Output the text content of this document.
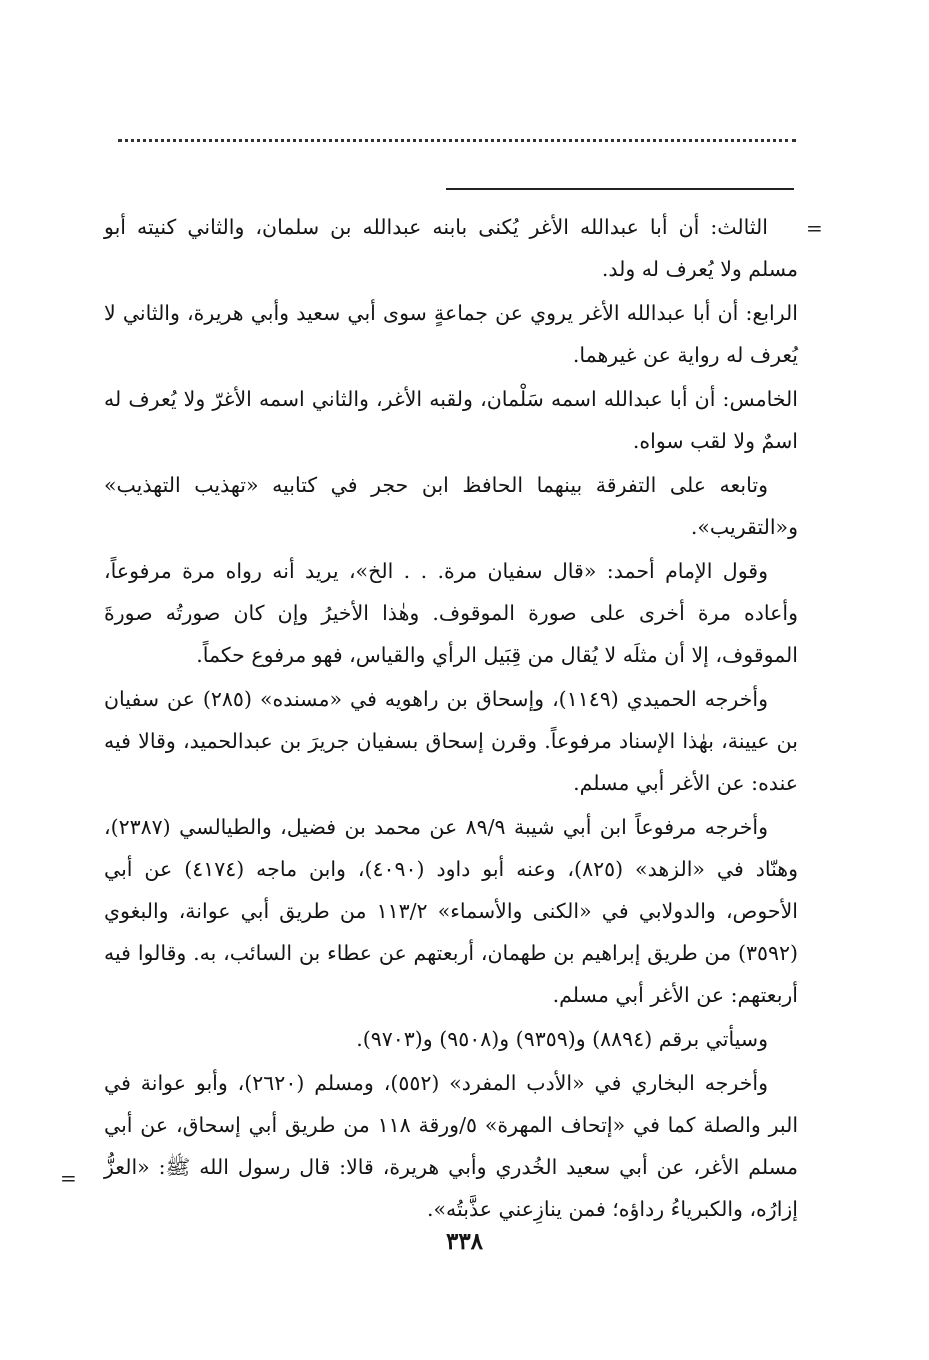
=

الثالث: أن أبا عبدالله الأغر يُكنى بابنه عبدالله بن سلمان، والثاني كنيته أبو مسلم ولا يُعرف له ولد.

الرابع: أن أبا عبدالله الأغر يروي عن جماعةٍ سوى أبي سعيد وأبي هريرة، والثاني لا يُعرف له رواية عن غيرهما.

الخامس: أن أبا عبدالله اسمه سَلْمان، ولقبه الأغر، والثاني اسمه الأغرّ ولا يُعرف له اسمٌ ولا لقب سواه.

وتابعه على التفرقة بينهما الحافظ ابن حجر في كتابيه «تهذيب التهذيب» و«التقريب».

وقول الإمام أحمد: «قال سفيان مرة. . . الخ»، يريد أنه رواه مرة مرفوعاً، وأعاده مرة أخرى على صورة الموقوف. وهٰذا الأخيرُ وإن كان صورتُه صورةَ الموقوف، إلا أن مثلَه لا يُقال من قِبَيل الرأي والقياس، فهو مرفوع حكماً.

وأخرجه الحميدي (١١٤٩)، وإسحاق بن راهويه في «مسنده» (٢٨٥) عن سفيان بن عيينة، بهٰذا الإسناد مرفوعاً. وقرن إسحاق بسفيان جريرَ بن عبدالحميد، وقالا فيه عنده: عن الأغر أبي مسلم.

وأخرجه مرفوعاً ابن أبي شيبة ٨٩/٩ عن محمد بن فضيل، والطيالسي (٢٣٨٧)، وهنّاد في «الزهد» (٨٢٥)، وعنه أبو داود (٤٠٩٠)، وابن ماجه (٤١٧٤) عن أبي الأحوص، والدولابي في «الكنى والأسماء» ١١٣/٢ من طريق أبي عوانة، والبغوي (٣٥٩٢) من طريق إبراهيم بن طهمان، أربعتهم عن عطاء بن السائب، به. وقالوا فيه أربعتهم: عن الأغر أبي مسلم.

وسيأتي برقم (٨٨٩٤) و(٩٣٥٩) و(٩٥٠٨) و(٩٧٠٣).

وأخرجه البخاري في «الأدب المفرد» (٥٥٢)، ومسلم (٢٦٢٠)، وأبو عوانة في البر والصلة كما في «إتحاف المهرة» ٥/ورقة ١١٨ من طريق أبي إسحاق، عن أبي مسلم الأغر، عن أبي سعيد الخُدري وأبي هريرة، قالا: قال رسول الله ﷺ: «العزُّ إزارُه، والكبرياءُ رداؤه؛ فمن ينازِعني عذَّبتُه».

=
٣٣٨
